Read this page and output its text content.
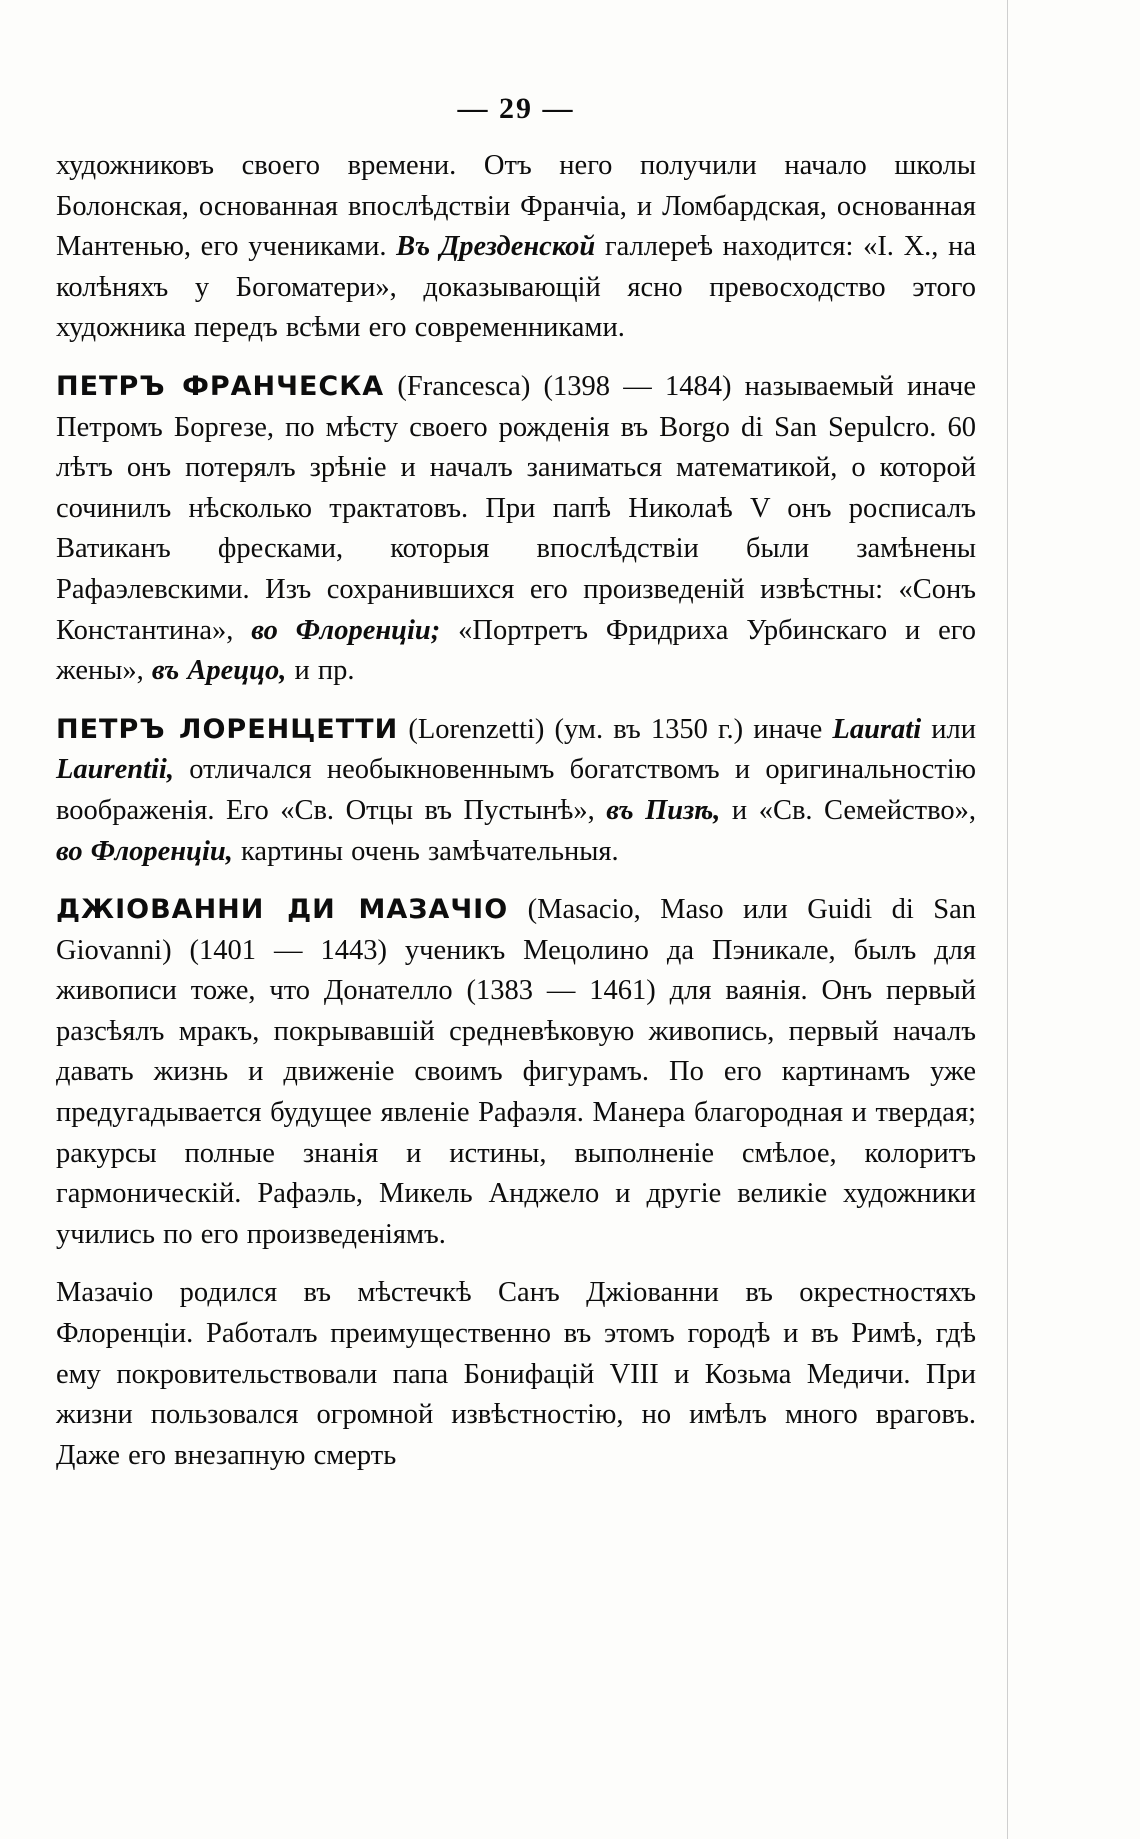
— 29 —

художниковъ своего времени. Отъ него получили начало школы Болонская, основанная впослѣдствіи Франчіа, и Ломбардская, основанная Мантенью, его учениками. Въ Дрезденской галлереѣ находится: «І. Х., на колѣняхъ у Богоматери», доказывающій ясно превосходство этого художника передъ всѣми его современниками.

ПЕТРЪ ФРАНЧЕСКА (Francesca) (1398 — 1484) называемый иначе Петромъ Боргезе, по мѣсту своего рожденія въ Borgo di San Sepulcro. 60 лѣтъ онъ потерялъ зрѣніе и началъ заниматься математикой, о которой сочинилъ нѣсколько трактатовъ. При папѣ Николаѣ V онъ росписалъ Ватиканъ фресками, которыя впослѣдствіи были замѣнены Рафаэлевскими. Изъ сохранившихся его произведеній извѣстны: «Сонъ Константина», во Флоренціи; «Портретъ Фридриха Урбинскаго и его жены», въ Ареццо, и пр.

ПЕТРЪ ЛОРЕНЦЕТТИ (Lorenzetti) (ум. въ 1350 г.) иначе Laurati или Laurentii, отличался необыкновеннымъ богатствомъ и оригинальностію воображенія. Его «Св. Отцы въ Пустынѣ», въ Пизѣ, и «Св. Семейство», во Флоренціи, картины очень замѣчательныя.

ДЖІОВАННИ ДИ МАЗАЧІО (Masacio, Maso или Guidi di San Giovanni) (1401 — 1443) ученикъ Мецолино да Пэникале, былъ для живописи тоже, что Донателло (1383 — 1461) для ваянія. Онъ первый разсѣялъ мракъ, покрывавшій средневѣковую живопись, первый началъ давать жизнь и движеніе своимъ фигурамъ. По его картинамъ уже предугадывается будущее явленіе Рафаэля. Манера благородная и твердая; ракурсы полные знанія и истины, выполненіе смѣлое, колоритъ гармоническій. Рафаэль, Микель Анджело и другіе великіе художники учились по его произведеніямъ.

Мазачіо родился въ мѣстечкѣ Санъ Джіованни въ окрестностяхъ Флоренціи. Работалъ преимущественно въ этомъ городѣ и въ Римѣ, гдѣ ему покровительствовали папа Бонифацій VIII и Козьма Медичи. При жизни пользовался огромной извѣстностію, но имѣлъ много враговъ. Даже его внезапную смерть
